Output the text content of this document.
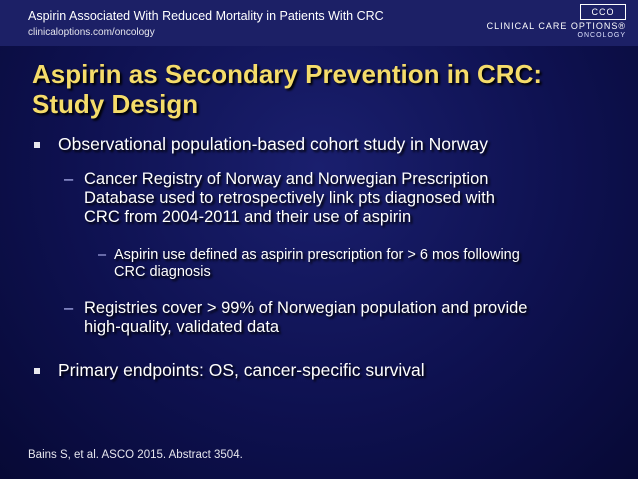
Aspirin Associated With Reduced Mortality in Patients With CRC
clinicaloptions.com/oncology
CCO
CLINICAL CARE OPTIONS®
ONCOLOGY
Aspirin as Secondary Prevention in CRC:
Study Design
Observational population-based cohort study in Norway
– Cancer Registry of Norway and Norwegian Prescription
Database used to retrospectively link pts diagnosed with
CRC from 2004-2011 and their use of aspirin
– Aspirin use defined as aspirin prescription for > 6 mos following
CRC diagnosis
– Registries cover > 99% of Norwegian population and provide
high-quality, validated data
Primary endpoints: OS, cancer-specific survival
Bains S, et al. ASCO 2015. Abstract 3504.
